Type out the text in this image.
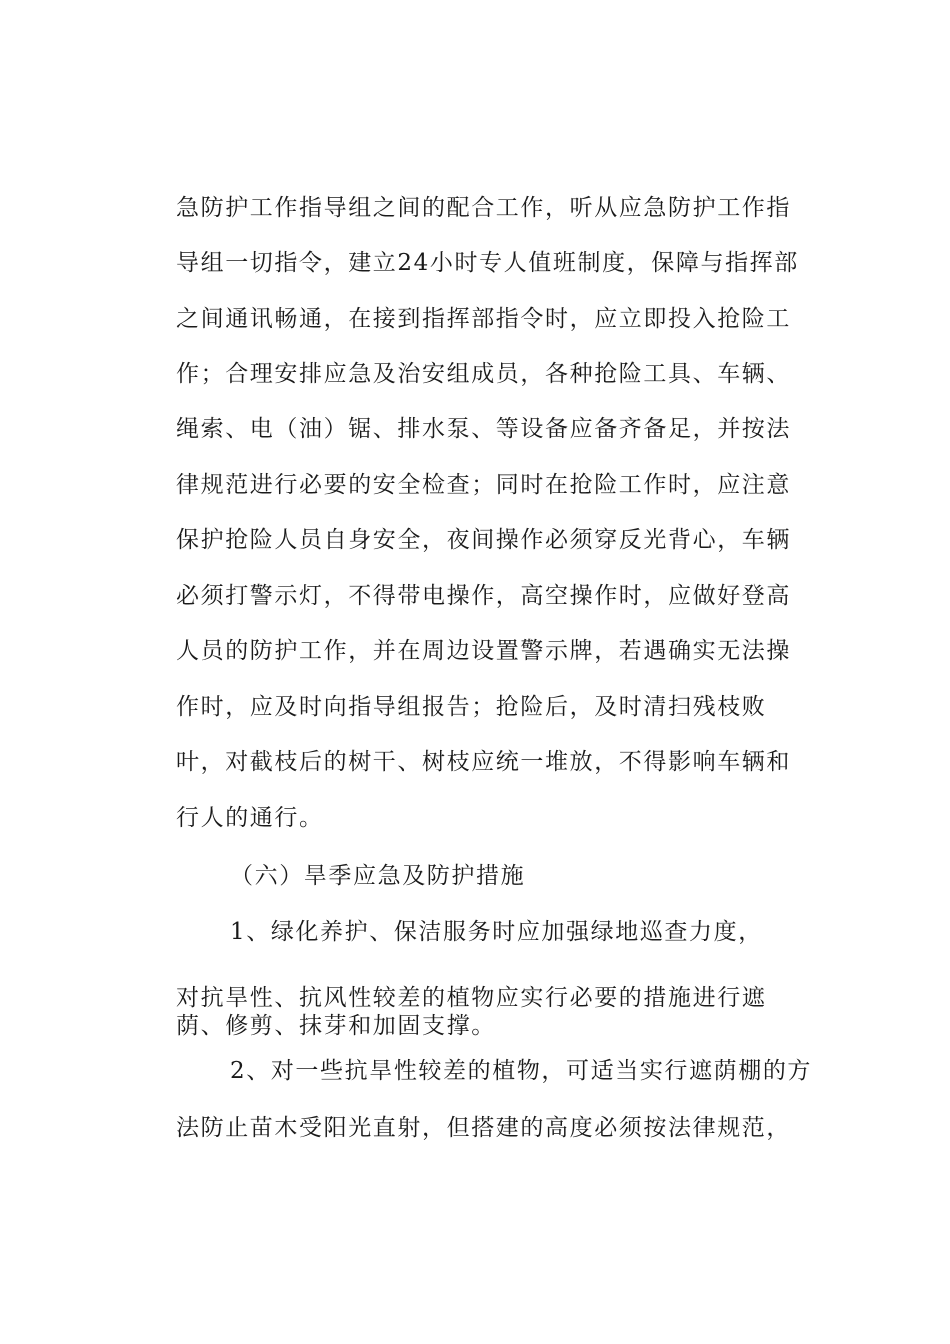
急防护工作指导组之间的配合工作，听从应急防护工作指
导组一切指令，建立24小时专人值班制度，保障与指挥部
之间通讯畅通，在接到指挥部指令时，应立即投入抢险工
作；合理安排应急及治安组成员，各种抢险工具、车辆、
绳索、电（油）锯、排水泵、等设备应备齐备足，并按法
律规范进行必要的安全检查；同时在抢险工作时，应注意
保护抢险人员自身安全，夜间操作必须穿反光背心，车辆
必须打警示灯，不得带电操作，高空操作时，应做好登高
人员的防护工作，并在周边设置警示牌，若遇确实无法操
作时，应及时向指导组报告；抢险后，及时清扫残枝败
叶，对截枝后的树干、树枝应统一堆放，不得影响车辆和
行人的通行。
（六）旱季应急及防护措施
1、绿化养护、保洁服务时应加强绿地巡查力度，
对抗旱性、抗风性较差的植物应实行必要的措施进行遮
荫、修剪、抹芽和加固支撑。
2、对一些抗旱性较差的植物，可适当实行遮荫棚的方
法防止苗木受阳光直射，但搭建的高度必须按法律规范，
